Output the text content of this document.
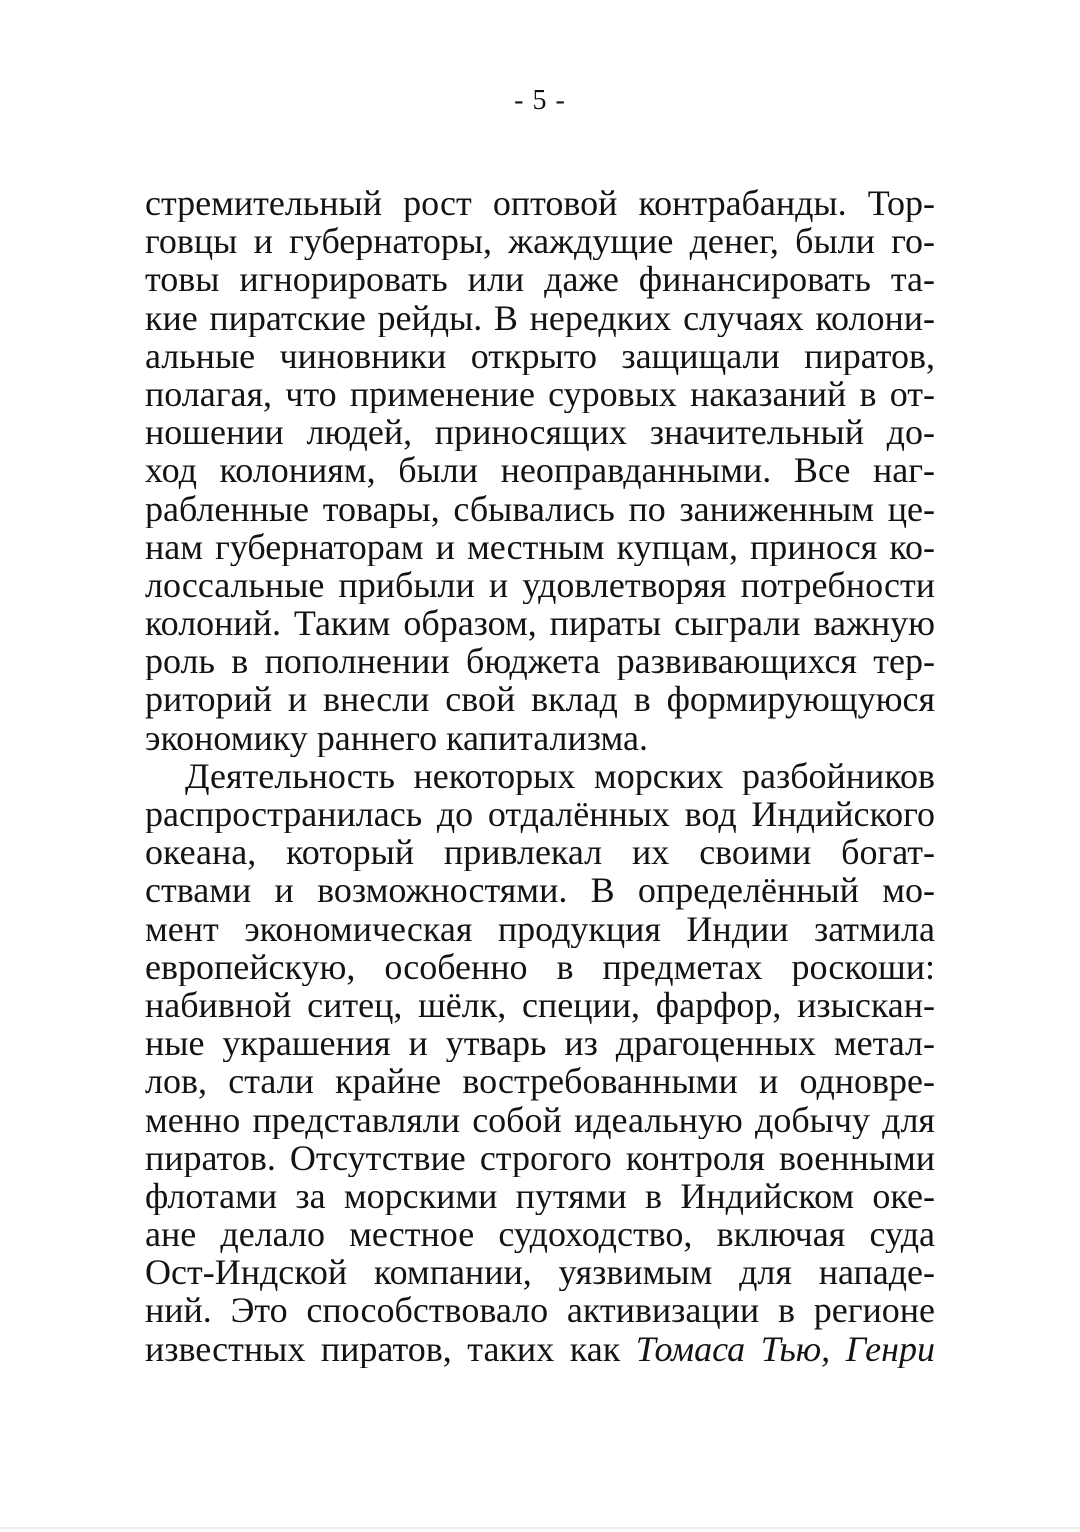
- 5 -
стремительный рост оптовой контрабанды. Тор-
говцы и губернаторы, жаждущие денег, были го-
товы игнорировать или даже финансировать та-
кие пиратские рейды. В нередких случаях колони-
альные чиновники открыто защищали пиратов,
полагая, что применение суровых наказаний в от-
ношении людей, приносящих значительный до-
ход колониям, были неоправданными. Все наг-
рабленные товары, сбывались по заниженным це-
нам губернаторам и местным купцам, принося ко-
лоссальные прибыли и удовлетворяя потребности
колоний. Таким образом, пираты сыграли важную
роль в пополнении бюджета развивающихся тер-
риторий и внесли свой вклад в формирующуюся
экономику раннего капитализма.
Деятельность некоторых морских разбойников
распространилась до отдалённых вод Индийского
океана, который привлекал их своими богат-
ствами и возможностями. В определённый мо-
мент экономическая продукция Индии затмила
европейскую, особенно в предметах роскоши:
набивной ситец, шёлк, специи, фарфор, изыскан-
ные украшения и утварь из драгоценных метал-
лов, стали крайне востребованными и одновре-
менно представляли собой идеальную добычу для
пиратов. Отсутствие строгого контроля военными
флотами за морскими путями в Индийском оке-
ане делало местное судоходство, включая суда
Ост-Индской компании, уязвимым для нападе-
ний. Это способствовало активизации в регионе
известных пиратов, таких как Томаса Тью, Генри
